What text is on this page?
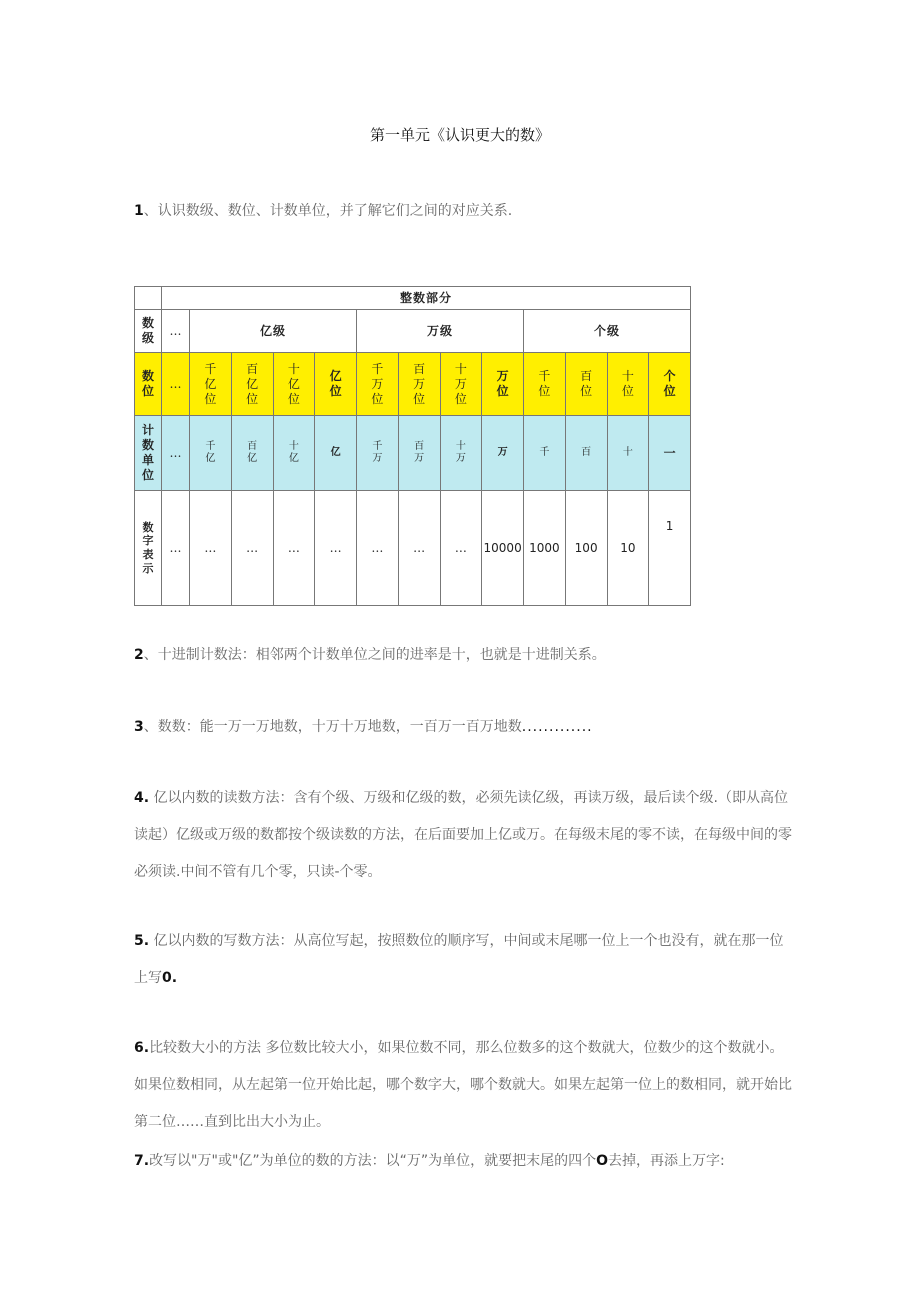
第一单元《认识更大的数》

1、认识数级、数位、计数单位，并了解它们之间的对应关系.

	整数部分												
数级	…	亿级				万级				个级			
数位	…	千亿位	百亿位	十亿位	亿位	千万位	百万位	十万位	万位	千位	百位	十位	个位
计数单位	…	千亿	百亿	十亿	亿	千万	百万	十万	万	千	百	十	一
数字表示	…	…	…	…	…	…	…	…	10000	1000	100	10	1

2、十进制计数法：相邻两个计数单位之间的进率是十，也就是十进制关系。

3、数数：能一万一万地数，十万十万地数，一百万一百万地数.............

4. 亿以内数的读数方法：含有个级、万级和亿级的数，必须先读亿级，再读万级，最后读个级.（即从高位读起）亿级或万级的数都按个级读数的方法，在后面要加上亿或万。在每级末尾的零不读，在每级中间的零必须读.中间不管有几个零，只读-个零。

5. 亿以内数的写数方法：从高位写起，按照数位的顺序写，中间或末尾哪一位上一个也没有，就在那一位上写0.

6.比较数大小的方法 多位数比较大小，如果位数不同，那么位数多的这个数就大，位数少的这个数就小。如果位数相同，从左起第一位开始比起，哪个数字大，哪个数就大。如果左起第一位上的数相同，就开始比第二位……直到比出大小为止。

7.改写以"万"或"亿”为单位的数的方法：以“万”为单位，就要把末尾的四个O去掉，再添上万字:
